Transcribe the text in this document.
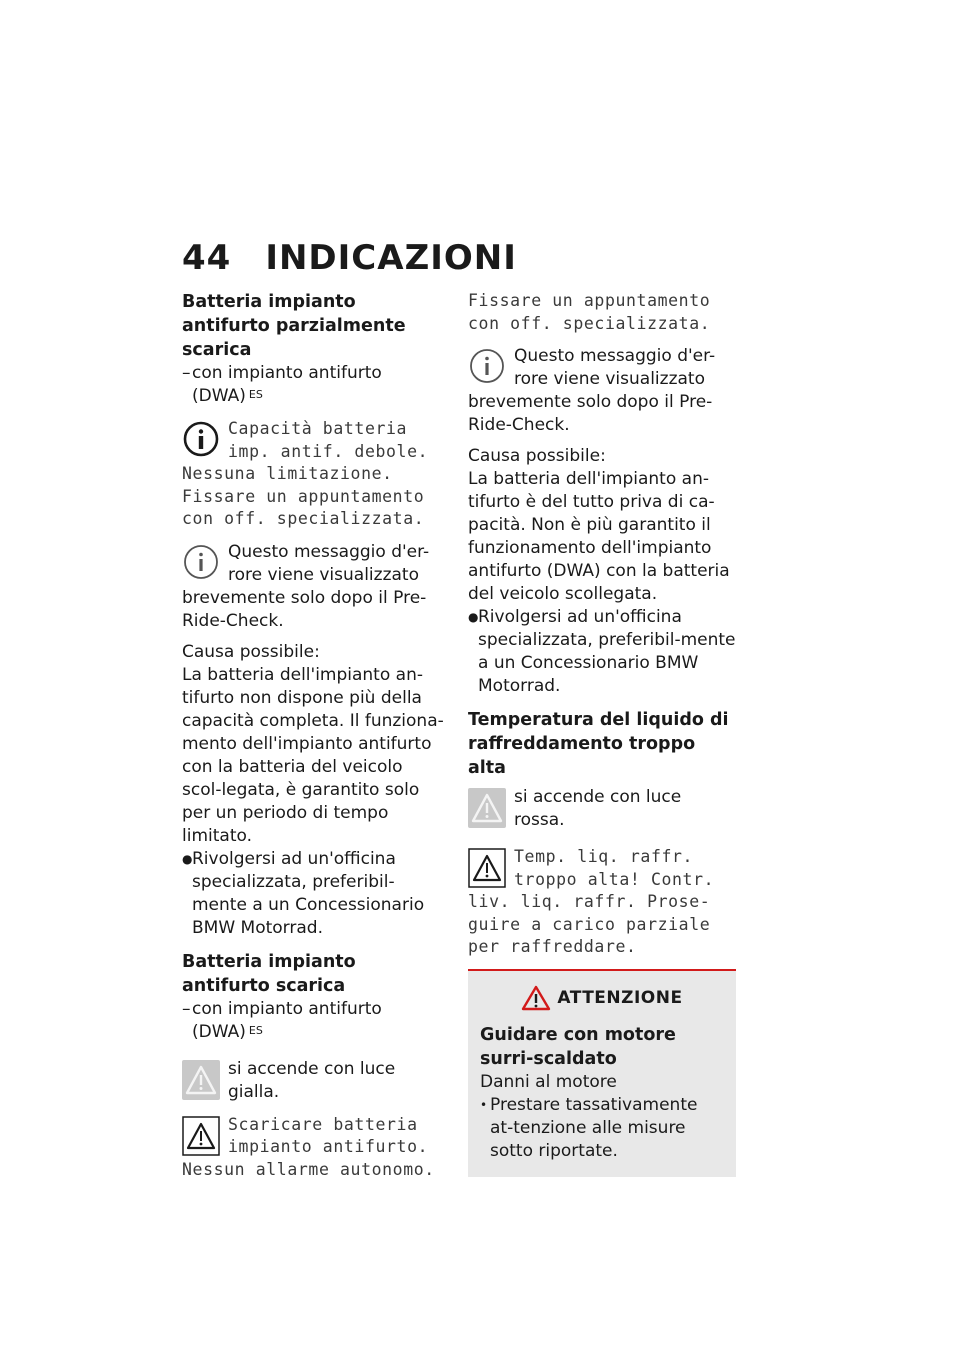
44 INDICAZIONI
Batteria impianto antifurto parzialmente scarica
– con impianto antifurto (DWA) $^{ES}$
Capacità batteria imp. antif. debole. Nessuna limitazione. Fissare un appuntamento con off. specializzata.
Questo messaggio d'er-rore viene visualizzato brevemente solo dopo il Pre-Ride-Check.
Causa possibile:
La batteria dell'impianto an-tifurto non dispone più della capacità completa. Il funziona-mento dell'impianto antifurto con la batteria del veicolo scol-legata, è garantito solo per un periodo di tempo limitato.
● Rivolgersi ad un'officina specializzata, preferibil-mente a un Concessionario BMW Motorrad.
Batteria impianto antifurto scarica
– con impianto antifurto (DWA) $^{ES}$
si accende con luce gialla.
Scaricare batteria impianto antifurto. Nessun allarme autonomo.
Fissare un appuntamento con off. specializzata.
Questo messaggio d'er-rore viene visualizzato brevemente solo dopo il Pre-Ride-Check.
Causa possibile:
La batteria dell'impianto an-tifurto è del tutto priva di ca-pacità. Non è più garantito il funzionamento dell'impianto antifurto (DWA) con la batteria del veicolo scollegata.
● Rivolgersi ad un'officina specializzata, preferibil-mente a un Concessionario BMW Motorrad.
Temperatura del liquido di raffreddamento troppo alta
si accende con luce rossa.
Temp. liq. raffr. troppo alta! Contr. liv. liq. raffr. Prose-guire a carico parziale per raffreddare.
ATTENZIONE
Guidare con motore surri-scaldato
Danni al motore
• Prestare tassativamente at-tenzione alle misure sotto riportate.
